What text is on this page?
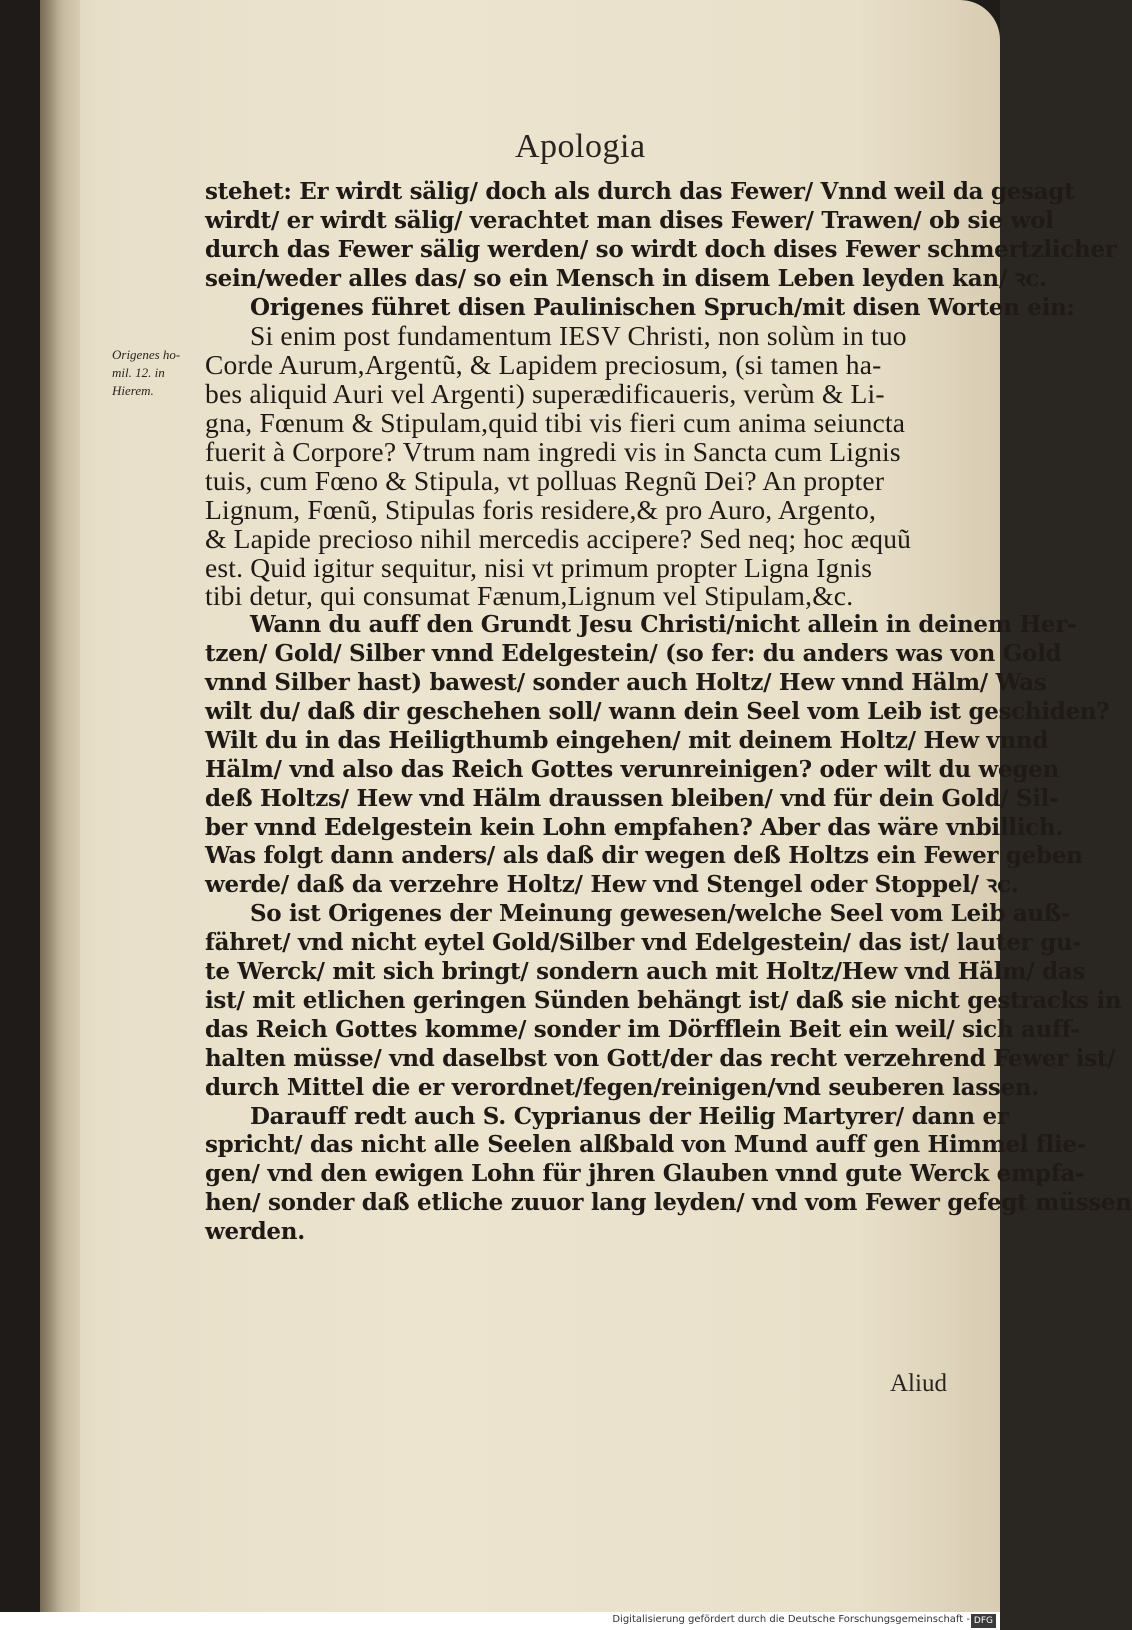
Apologia
Origenes ho-
mil. 12. in
Hierem.
stehet: Er wirdt sälig/ doch als durch das Fewer/ Vnnd weil da gesagt
wirdt/ er wirdt sälig/ verachtet man dises Fewer/ Trawen/ ob sie wol
durch das Fewer sälig werden/ so wirdt doch dises Fewer schmertzlicher
sein/weder alles das/ so ein Mensch in disem Leben leyden kan/ ꝛc.
Origenes führet disen Paulinischen Spruch/mit disen Worten ein:
Si enim post fundamentum IESV Christi, non solùm in tuo
Corde Aurum,Argentũ, & Lapidem preciosum, (si tamen ha-
bes aliquid Auri vel Argenti) superædificaueris, verùm & Li-
gna, Fœnum & Stipulam,quid tibi vis fieri cum anima seiuncta
fuerit à Corpore? Vtrum nam ingredi vis in Sancta cum Lignis
tuis, cum Fœno & Stipula, vt polluas Regnũ Dei? An propter
Lignum, Fœnũ, Stipulas foris residere,& pro Auro, Argento,
& Lapide precioso nihil mercedis accipere? Sed neq; hoc æquũ
est. Quid igitur sequitur, nisi vt primum propter Ligna Ignis
tibi detur, qui consumat Fænum,Lignum vel Stipulam,&c.
Wann du auff den Grundt Jesu Christi/nicht allein in deinem Her-
tzen/ Gold/ Silber vnnd Edelgestein/ (so fer: du anders was von Gold
vnnd Silber hast) bawest/ sonder auch Holtz/ Hew vnnd Hälm/ Was
wilt du/ daß dir geschehen soll/ wann dein Seel vom Leib ist geschiden?
Wilt du in das Heiligthumb eingehen/ mit deinem Holtz/ Hew vnnd
Hälm/ vnd also das Reich Gottes verunreinigen? oder wilt du wegen
deß Holtzs/ Hew vnd Hälm draussen bleiben/ vnd für dein Gold/ Sil-
ber vnnd Edelgestein kein Lohn empfahen? Aber das wäre vnbillich.
Was folgt dann anders/ als daß dir wegen deß Holtzs ein Fewer geben
werde/ daß da verzehre Holtz/ Hew vnd Stengel oder Stoppel/ ꝛc.
So ist Origenes der Meinung gewesen/welche Seel vom Leib auß-
fähret/ vnd nicht eytel Gold/Silber vnd Edelgestein/ das ist/ lauter gu-
te Werck/ mit sich bringt/ sondern auch mit Holtz/Hew vnd Hälm/ das
ist/ mit etlichen geringen Sünden behängt ist/ daß sie nicht gestracks in
das Reich Gottes komme/ sonder im Dörfflein Beit ein weil/ sich auff-
halten müsse/ vnd daselbst von Gott/der das recht verzehrend Fewer ist/
durch Mittel die er verordnet/fegen/reinigen/vnd seuberen lassen.
Darauff redt auch S. Cyprianus der Heilig Martyrer/ dann er
spricht/ das nicht alle Seelen alßbald von Mund auff gen Himmel flie-
gen/ vnd den ewigen Lohn für jhren Glauben vnnd gute Werck empfa-
hen/ sonder daß etliche zuuor lang leyden/ vnd vom Fewer gefegt müssen
werden.
Aliud
Digitalisierung gefördert durch die Deutsche Forschungsgemeinschaft - DFG
